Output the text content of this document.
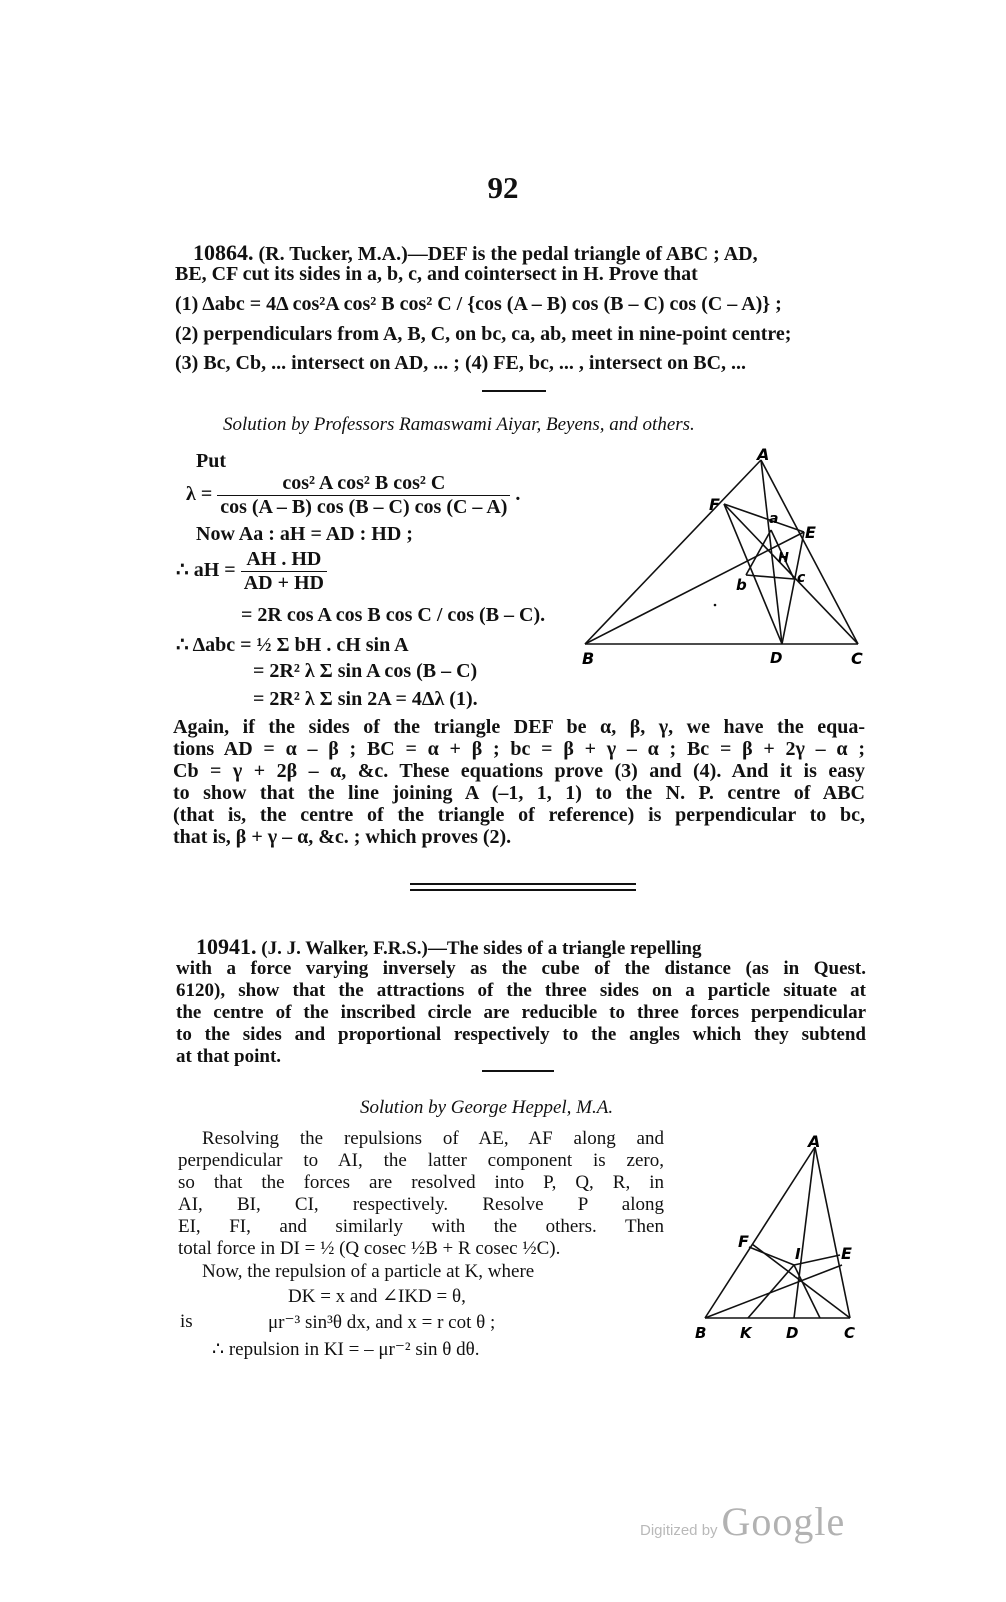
92
10864. (R. Tucker, M.A.)—DEF is the pedal triangle of ABC ; AD,
BE, CF cut its sides in a, b, c, and cointersect in H. Prove that
(1) Δabc = 4Δ cos²A cos² B cos² C / {cos (A – B) cos (B – C) cos (C – A)} ;
(2) perpendiculars from A, B, C, on bc, ca, ab, meet in nine-point centre;
(3) Bc, Cb, ... intersect on AD, ... ; (4) FE, bc, ... , intersect on BC, ...
Solution by Professors Ramaswami Aiyar, Beyens, and others.
Put
$\lambda = \frac{\text{cos² A cos² B cos² C}}{\cos (A - B) \cos (B - C) \cos (C - A)}$ .
Now Aa : aH = AD : HD ;
∴ aH = $\frac{AH . HD}{AD + HD}$
= 2R cos A cos B cos C / cos (B – C).
∴ Δabc = ½ Σ bH . cH sin A
= 2R² λ Σ sin A cos (B – C)
= 2R² λ Σ sin 2A = 4Δλ (1).
A
B	C
D
E
F
H
a
b	c
Again, if the sides of the triangle DEF be α, β, γ, we have the equa-
tions AD = α – β ; BC = α + β ; bc = β + γ – α ; Bc = β + 2γ – α ;
Cb = γ + 2β – α, &c. These equations prove (3) and (4). And it is easy
to show that the line joining A (–1, 1, 1) to the N. P. centre of ABC
(that is, the centre of the triangle of reference) is perpendicular to bc,
that is, β + γ – α, &c. ; which proves (2).
10941. (J. J. Walker, F.R.S.)—The sides of a triangle repelling
with a force varying inversely as the cube of the distance (as in Quest.
6120), show that the attractions of the three sides on a particle situate at
the centre of the inscribed circle are reducible to three forces perpendicular
to the sides and proportional respectively to the angles which they subtend
at that point.
Solution by George Heppel, M.A.
Resolving the repulsions of AE, AF along and
perpendicular to AI, the latter component is zero,
so that the forces are resolved into P, Q, R, in
AI, BI, CI, respectively. Resolve P along
EI, FI, and similarly with the others. Then
total force in DI = ½ (Q cosec ½B + R cosec ½C).
Now, the repulsion of a particle at K, where
DK = x and ∠IKD = θ,
is	μr⁻³ sin³θ dx, and x = r cot θ ;
∴ repulsion in KI = – μr⁻² sin θ dθ.
A
B K D	C
F
E
I
Digitized by Google
